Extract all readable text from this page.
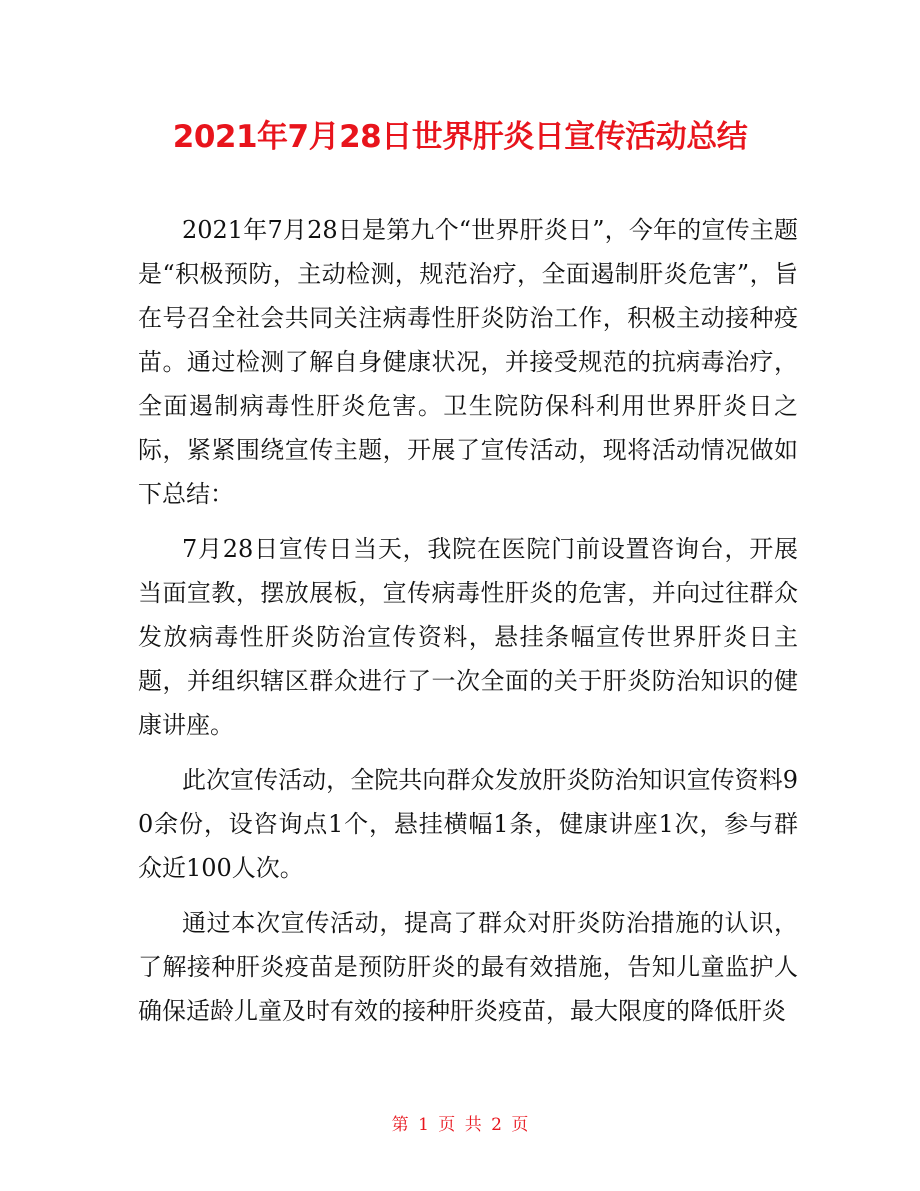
2021年7月28日世界肝炎日宣传活动总结

2021年7月28日是第九个“世界肝炎日”，今年的宣传主题是“积极预防，主动检测，规范治疗，全面遏制肝炎危害”，旨在号召全社会共同关注病毒性肝炎防治工作，积极主动接种疫苗。通过检测了解自身健康状况，并接受规范的抗病毒治疗，全面遏制病毒性肝炎危害。卫生院防保科利用世界肝炎日之际，紧紧围绕宣传主题，开展了宣传活动，现将活动情况做如下总结：

7月28日宣传日当天，我院在医院门前设置咨询台，开展当面宣教，摆放展板，宣传病毒性肝炎的危害，并向过往群众发放病毒性肝炎防治宣传资料，悬挂条幅宣传世界肝炎日主题，并组织辖区群众进行了一次全面的关于肝炎防治知识的健康讲座。

此次宣传活动，全院共向群众发放肝炎防治知识宣传资料90余份，设咨询点1个，悬挂横幅1条，健康讲座1次，参与群众近100人次。

通过本次宣传活动，提高了群众对肝炎防治措施的认识，了解接种肝炎疫苗是预防肝炎的最有效措施，告知儿童监护人确保适龄儿童及时有效的接种肝炎疫苗，最大限度的降低肝炎

第 1 页 共 2 页
